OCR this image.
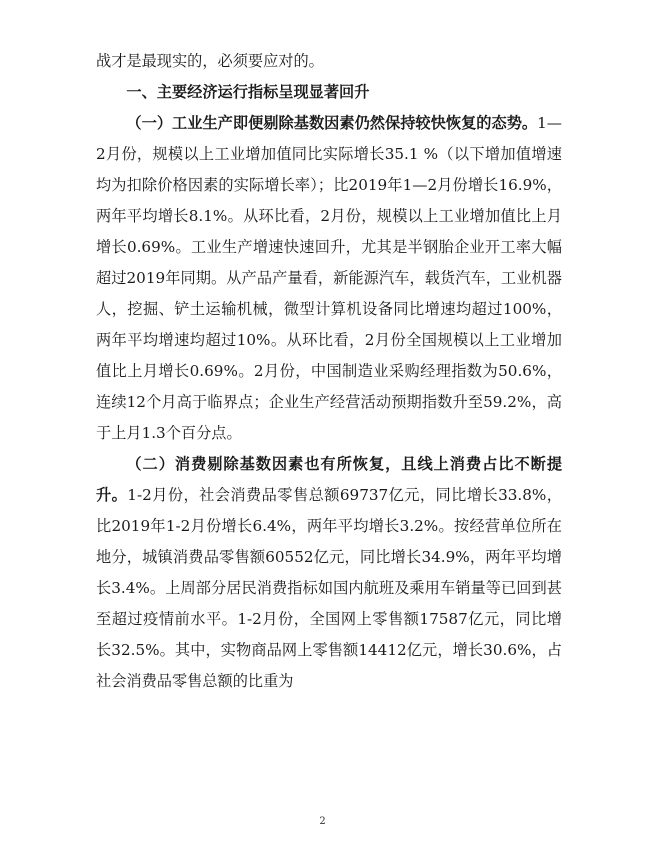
战才是最现实的，必须要应对的。

一、主要经济运行指标呈现显著回升

（一）工业生产即便剔除基数因素仍然保持较快恢复的态势。1—2月份，规模以上工业增加值同比实际增长35.1 %（以下增加值增速均为扣除价格因素的实际增长率）；比2019年1—2月份增长16.9%，两年平均增长8.1%。从环比看，2月份，规模以上工业增加值比上月增长0.69%。工业生产增速快速回升，尤其是半钢胎企业开工率大幅超过2019年同期。从产品产量看，新能源汽车，载货汽车，工业机器人，挖掘、铲土运输机械，微型计算机设备同比增速均超过100%，两年平均增速均超过10%。从环比看，2月份全国规模以上工业增加值比上月增长0.69%。2月份，中国制造业采购经理指数为50.6%，连续12个月高于临界点；企业生产经营活动预期指数升至59.2%，高于上月1.3个百分点。

（二）消费剔除基数因素也有所恢复，且线上消费占比不断提升。1-2月份，社会消费品零售总额69737亿元，同比增长33.8%，比2019年1-2月份增长6.4%，两年平均增长3.2%。按经营单位所在地分，城镇消费品零售额60552亿元，同比增长34.9%，两年平均增长3.4%。上周部分居民消费指标如国内航班及乘用车销量等已回到甚至超过疫情前水平。1-2月份，全国网上零售额17587亿元，同比增长32.5%。其中，实物商品网上零售额14412亿元，增长30.6%，占社会消费品零售总额的比重为

2
